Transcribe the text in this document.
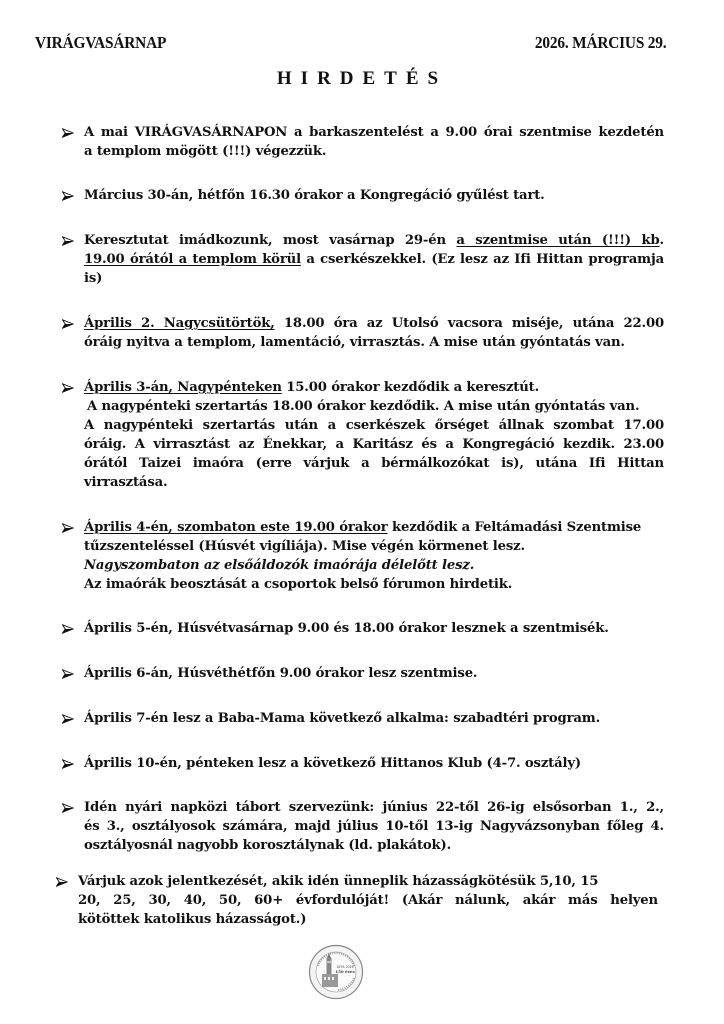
VIRÁGVASÁRNAP	2026. MÁRCIUS 29.
HIRDETÉS
A mai VIRÁGVASÁRNAPON a barkaszentelést a 9.00 órai szentmise kezdetén
a templom mögött (!!!) végezzük.
Március 30-án, hétfőn 16.30 órakor a Kongregáció gyűlést tart.
Keresztutat imádkozunk, most vasárnap 29-én a szentmise után (!!!) kb.
19.00 órától a templom körül a cserkészekkel. (Ez lesz az Ifi Hittan programja
is)
Április 2. Nagycsütörtök, 18.00 óra az Utolsó vacsora miséje, utána 22.00
óráig nyitva a templom, lamentáció, virrasztás. A mise után gyóntatás van.
Április 3-án, Nagypénteken 15.00 órakor kezdődik a keresztút.
A nagypénteki szertartás 18.00 órakor kezdődik. A mise után gyóntatás van.
A nagypénteki szertartás után a cserkészek őrséget állnak szombat 17.00
óráig. A virrasztást az Énekkar, a Karitász és a Kongregáció kezdik. 23.00
órától Taizei imaóra (erre várjuk a bérmálkozókat is), utána Ifi Hittan
virrasztása.
Április 4-én, szombaton este 19.00 órakor kezdődik a Feltámadási Szentmise
tűzszenteléssel (Húsvét vigíliája). Mise végén körmenet lesz.
Nagyszombaton az elsőáldozók imaórája délelőtt lesz.
Az imaórák beosztását a csoportok belső fórumon hirdetik.
Április 5-én, Húsvétvasárnap 9.00 és 18.00 órakor lesznek a szentmisék.
Április 6-án, Húsvéthétfőn 9.00 órakor lesz szentmise.
Április 7-én lesz a Baba-Mama következő alkalma: szabadtéri program.
Április 10-én, pénteken lesz a következő Hittanos Klub (4-7. osztály)
Idén nyári napközi tábort szervezünk: június 22-től 26-ig elsősorban 1., 2.,
és 3., osztályosok számára, majd július 10-től 13-ig Nagyvázsonyban főleg 4.
osztályosnál nagyobb korosztálynak (ld. plakátok).
Várjuk azok jelentkezését, akik idén ünneplik házasságkötésük 5,10, 15
20, 25, 30, 40, 50, 60+ évfordulóját! (Akár nálunk, akár más helyen
kötöttek katolikus házasságot.)
1876-2026
150 éves
